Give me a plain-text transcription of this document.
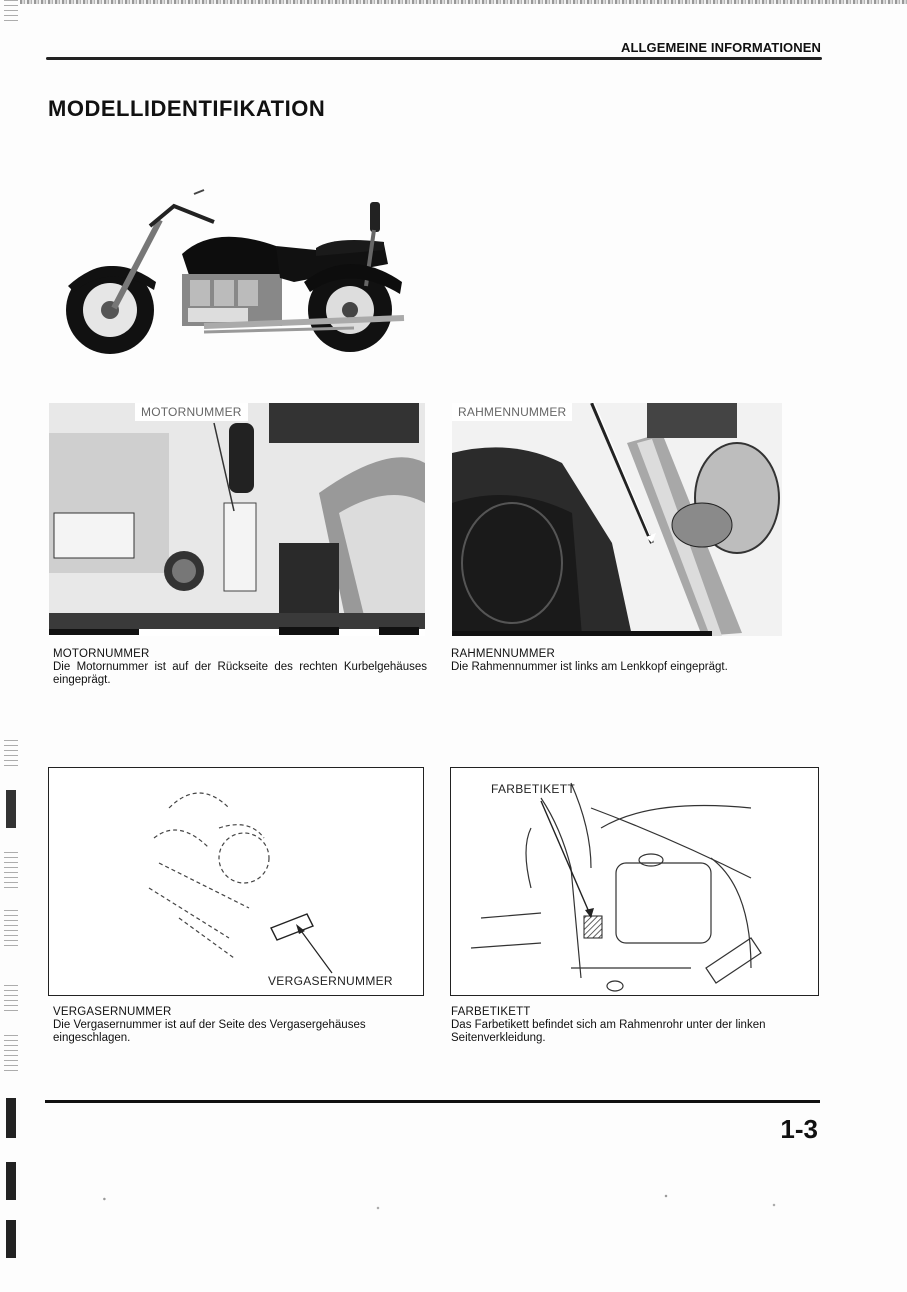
ALLGEMEINE INFORMATIONEN
MODELLIDENTIFIKATION
MOTORNUMMER	RAHMENNUMMER
VERGASERNUMMER
FARBETIKETT
MOTORNUMMER
Die Motornummer ist auf der Rückseite des rechten Kurbelgehäuses eingeprägt.
RAHMENNUMMER
Die Rahmennummer ist links am Lenkkopf eingeprägt.
VERGASERNUMMER
Die Vergasernummer ist auf der Seite des Vergasergehäuses eingeschlagen.
FARBETIKETT
Das Farbetikett befindet sich am Rahmenrohr unter der linken Seitenverkleidung.
1-3
